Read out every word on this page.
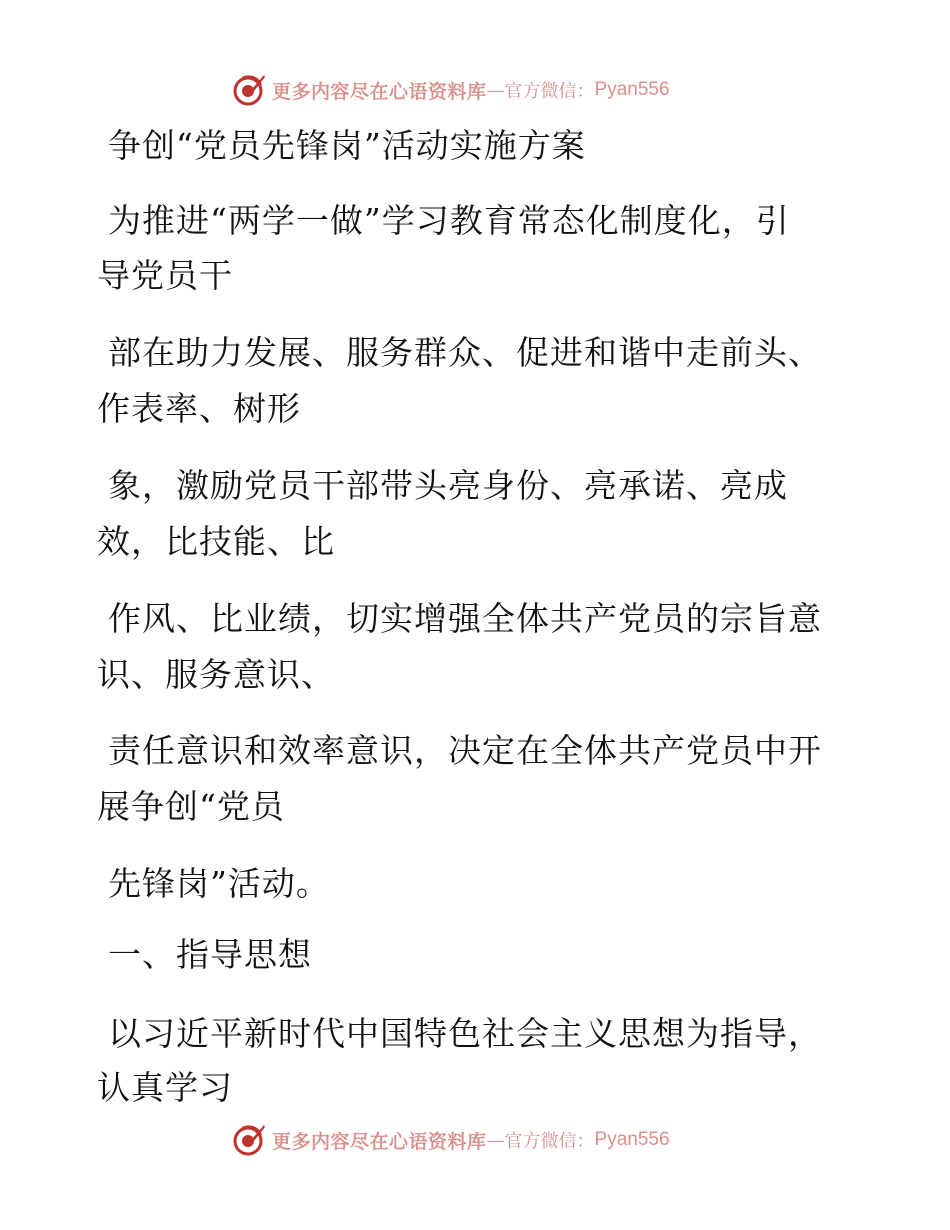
更多内容尽在心语资料库 — 官方微信： Pyan556

争创“党员先锋岗”活动实施方案

为推进“两学一做”学习教育常态化制度化，引

导党员干

部在助力发展、服务群众、促进和谐中走前头、

作表率、树形

象，激励党员干部带头亮身份、亮承诺、亮成

效，比技能、比

作风、比业绩，切实增强全体共产党员的宗旨意

识、服务意识、

责任意识和效率意识，决定在全体共产党员中开

展争创“党员

先锋岗”活动。

一、指导思想

以习近平新时代中国特色社会主义思想为指导，

认真学习

更多内容尽在心语资料库 — 官方微信： Pyan556
